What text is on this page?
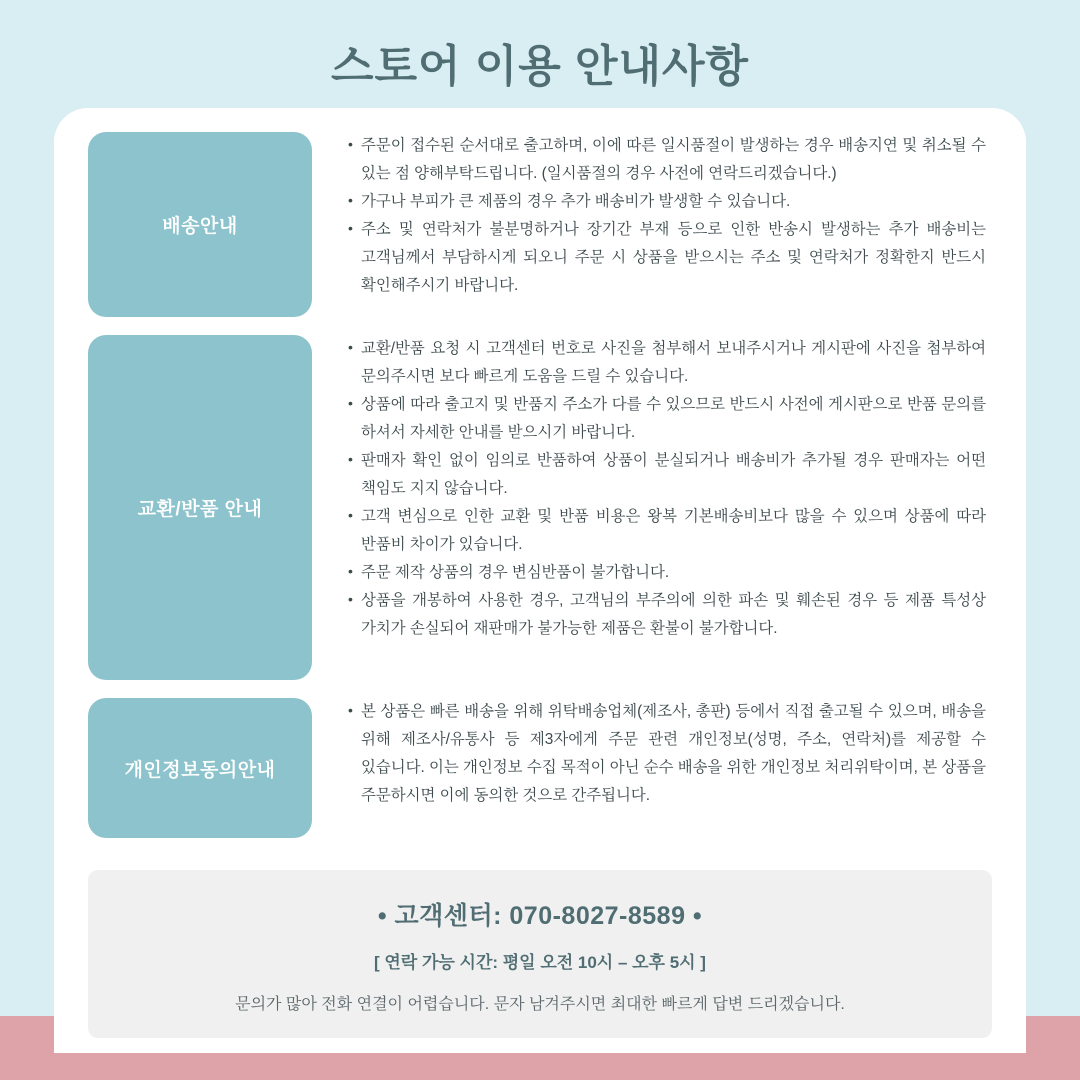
스토어 이용 안내사항
배송안내
• 주문이 접수된 순서대로 출고하며, 이에 따른 일시품절이 발생하는 경우 배송지연 및 취소될 수 있는 점 양해부탁드립니다. (일시품절의 경우 사전에 연락드리겠습니다.)
• 가구나 부피가 큰 제품의 경우 추가 배송비가 발생할 수 있습니다.
• 주소 및 연락처가 불분명하거나 장기간 부재 등으로 인한 반송시 발생하는 추가 배송비는 고객님께서 부담하시게 되오니 주문 시 상품을 받으시는 주소 및 연락처가 정확한지 반드시 확인해주시기 바랍니다.
교환/반품 안내
• 교환/반품 요청 시 고객센터 번호로 사진을 첨부해서 보내주시거나 게시판에 사진을 첨부하여 문의주시면 보다 빠르게 도움을 드릴 수 있습니다.
• 상품에 따라 출고지 및 반품지 주소가 다를 수 있으므로 반드시 사전에 게시판으로 반품 문의를 하셔서 자세한 안내를 받으시기 바랍니다.
• 판매자 확인 없이 임의로 반품하여 상품이 분실되거나 배송비가 추가될 경우 판매자는 어떤 책임도 지지 않습니다.
• 고객 변심으로 인한 교환 및 반품 비용은 왕복 기본배송비보다 많을 수 있으며 상품에 따라 반품비 차이가 있습니다.
• 주문 제작 상품의 경우 변심반품이 불가합니다.
• 상품을 개봉하여 사용한 경우, 고객님의 부주의에 의한 파손 및 훼손된 경우 등 제품 특성상 가치가 손실되어 재판매가 불가능한 제품은 환불이 불가합니다.
개인정보동의안내
• 본 상품은 빠른 배송을 위해 위탁배송업체(제조사, 총판) 등에서 직접 출고될 수 있으며, 배송을 위해 제조사/유통사 등 제3자에게 주문 관련 개인정보(성명, 주소, 연락처)를 제공할 수 있습니다. 이는 개인정보 수집 목적이 아닌 순수 배송을 위한 개인정보 처리위탁이며, 본 상품을 주문하시면 이에 동의한 것으로 간주됩니다.
• 고객센터: 070-8027-8589 •
[ 연락 가능 시간: 평일 오전 10시 – 오후 5시 ]
문의가 많아 전화 연결이 어렵습니다. 문자 남겨주시면 최대한 빠르게 답변 드리겠습니다.
